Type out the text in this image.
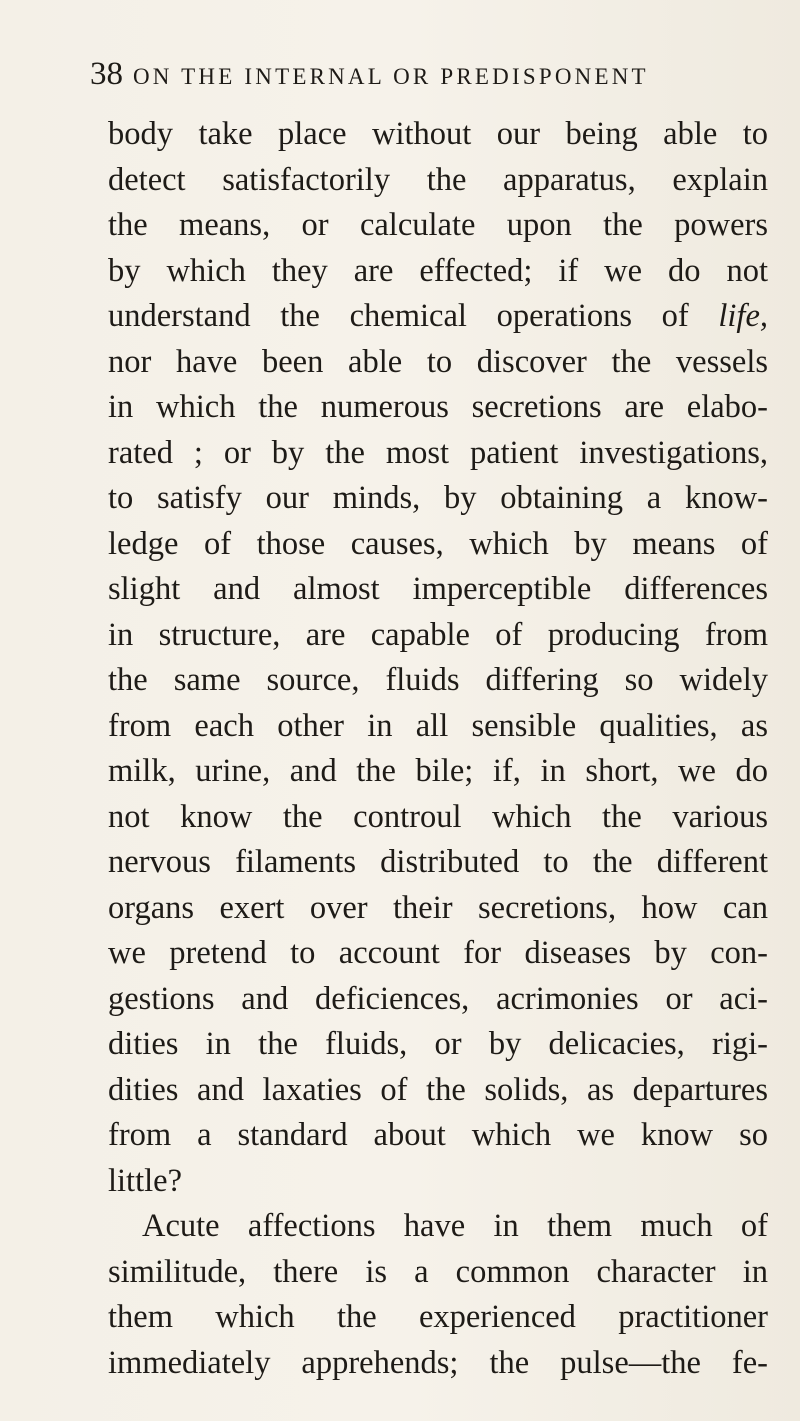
38 ON THE INTERNAL OR PREDISPONENT
body take place without our being able to
detect satisfactorily the apparatus, explain
the means, or calculate upon the powers
by which they are effected; if we do not
understand the chemical operations of life,
nor have been able to discover the vessels
in which the numerous secretions are elabo-
rated ; or by the most patient investigations,
to satisfy our minds, by obtaining a know-
ledge of those causes, which by means of
slight and almost imperceptible differences
in structure, are capable of producing from
the same source, fluids differing so widely
from each other in all sensible qualities, as
milk, urine, and the bile; if, in short, we do
not know the controul which the various
nervous filaments distributed to the different
organs exert over their secretions, how can
we pretend to account for diseases by con-
gestions and deficiences, acrimonies or aci-
dities in the fluids, or by delicacies, rigi-
dities and laxaties of the solids, as departures
from a standard about which we know so
little?
Acute affections have in them much of
similitude, there is a common character in
them which the experienced practitioner
immediately apprehends; the pulse—the fe-
